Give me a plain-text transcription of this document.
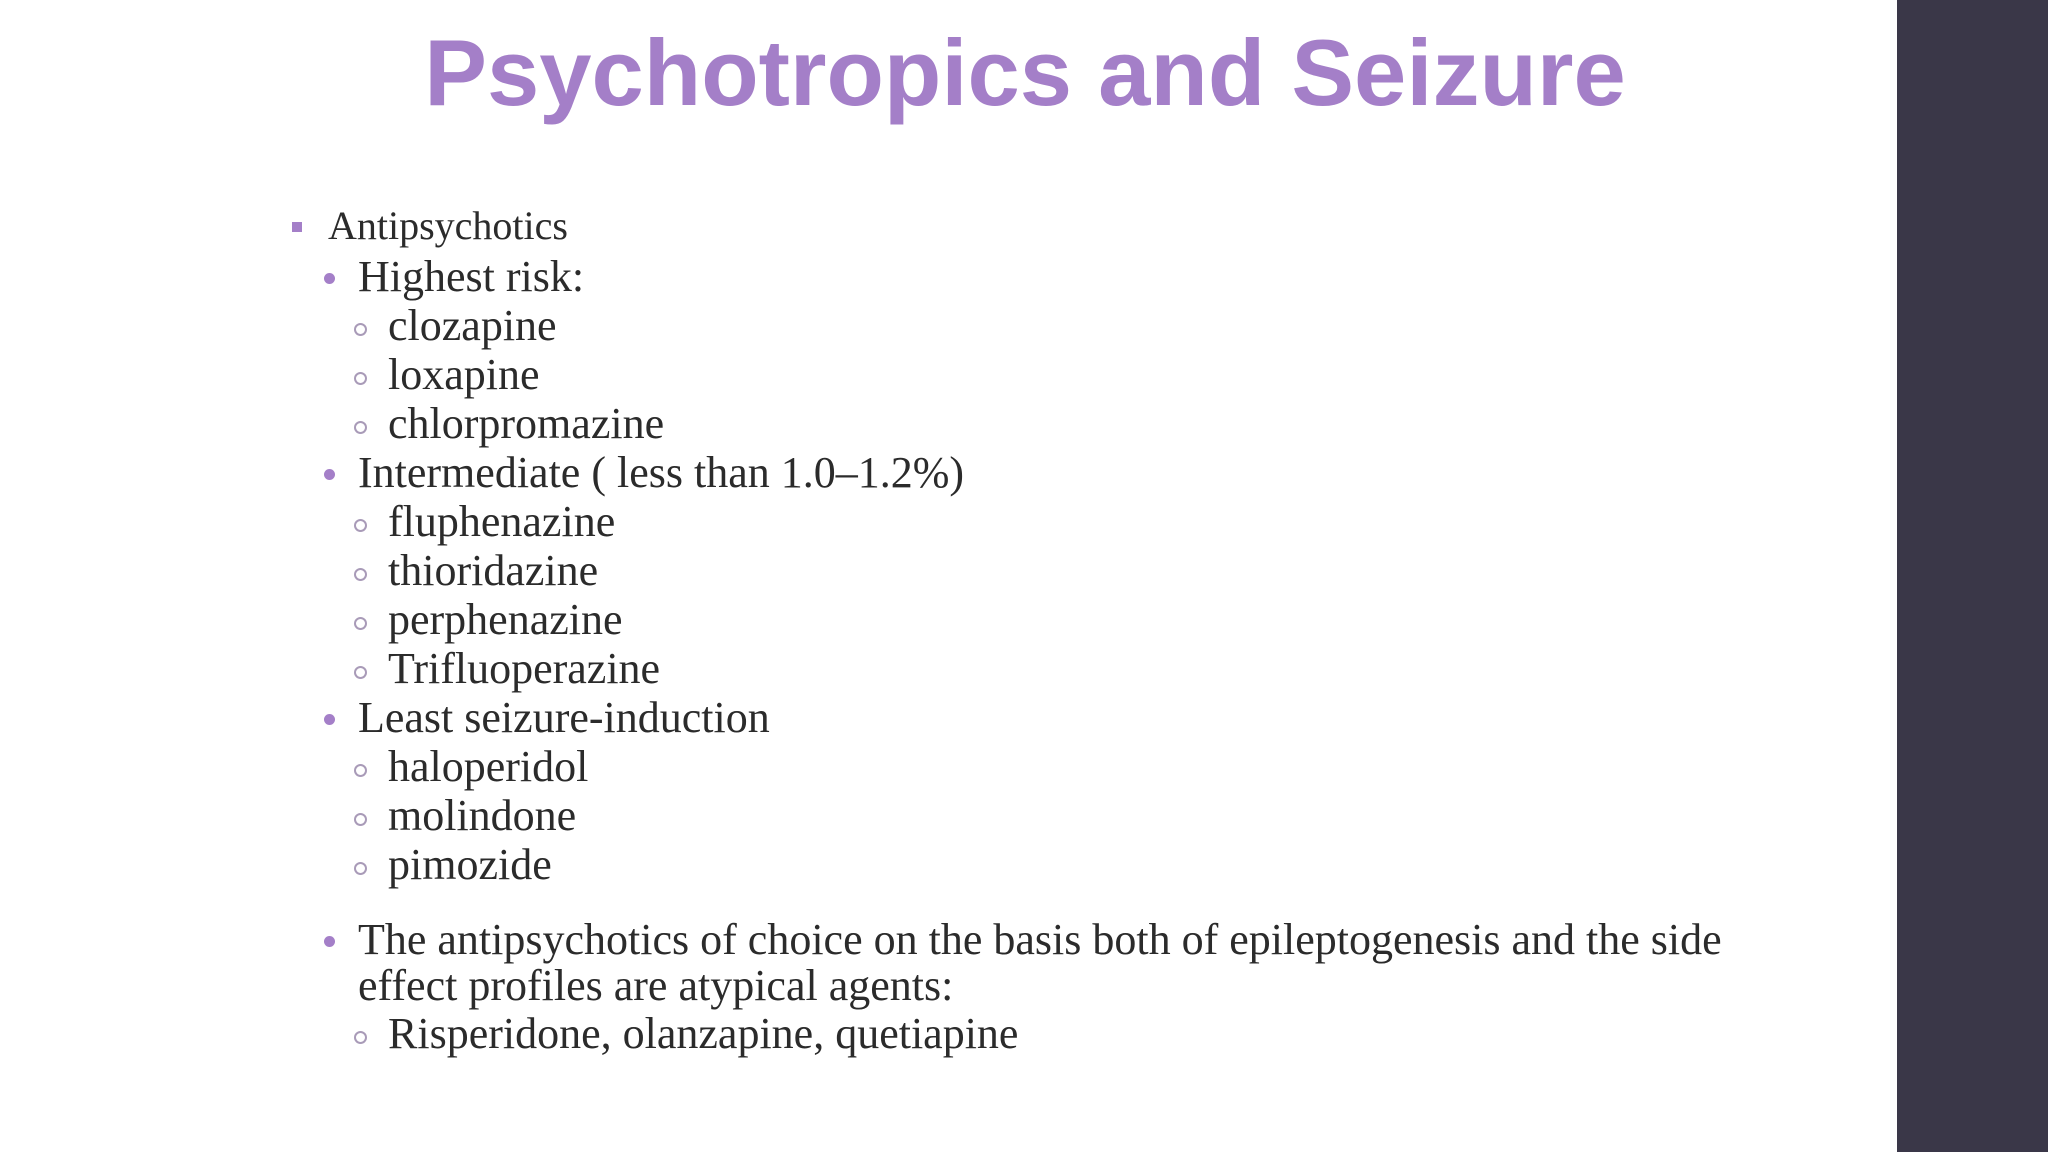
Psychotropics and Seizure
Antipsychotics
Highest risk:
clozapine
loxapine
chlorpromazine
Intermediate ( less than 1.0–1.2%)
fluphenazine
thioridazine
perphenazine
Trifluoperazine
Least seizure-induction
haloperidol
molindone
pimozide
The antipsychotics of choice on the basis both of epileptogenesis and the side effect profiles are atypical agents:
Risperidone, olanzapine, quetiapine
